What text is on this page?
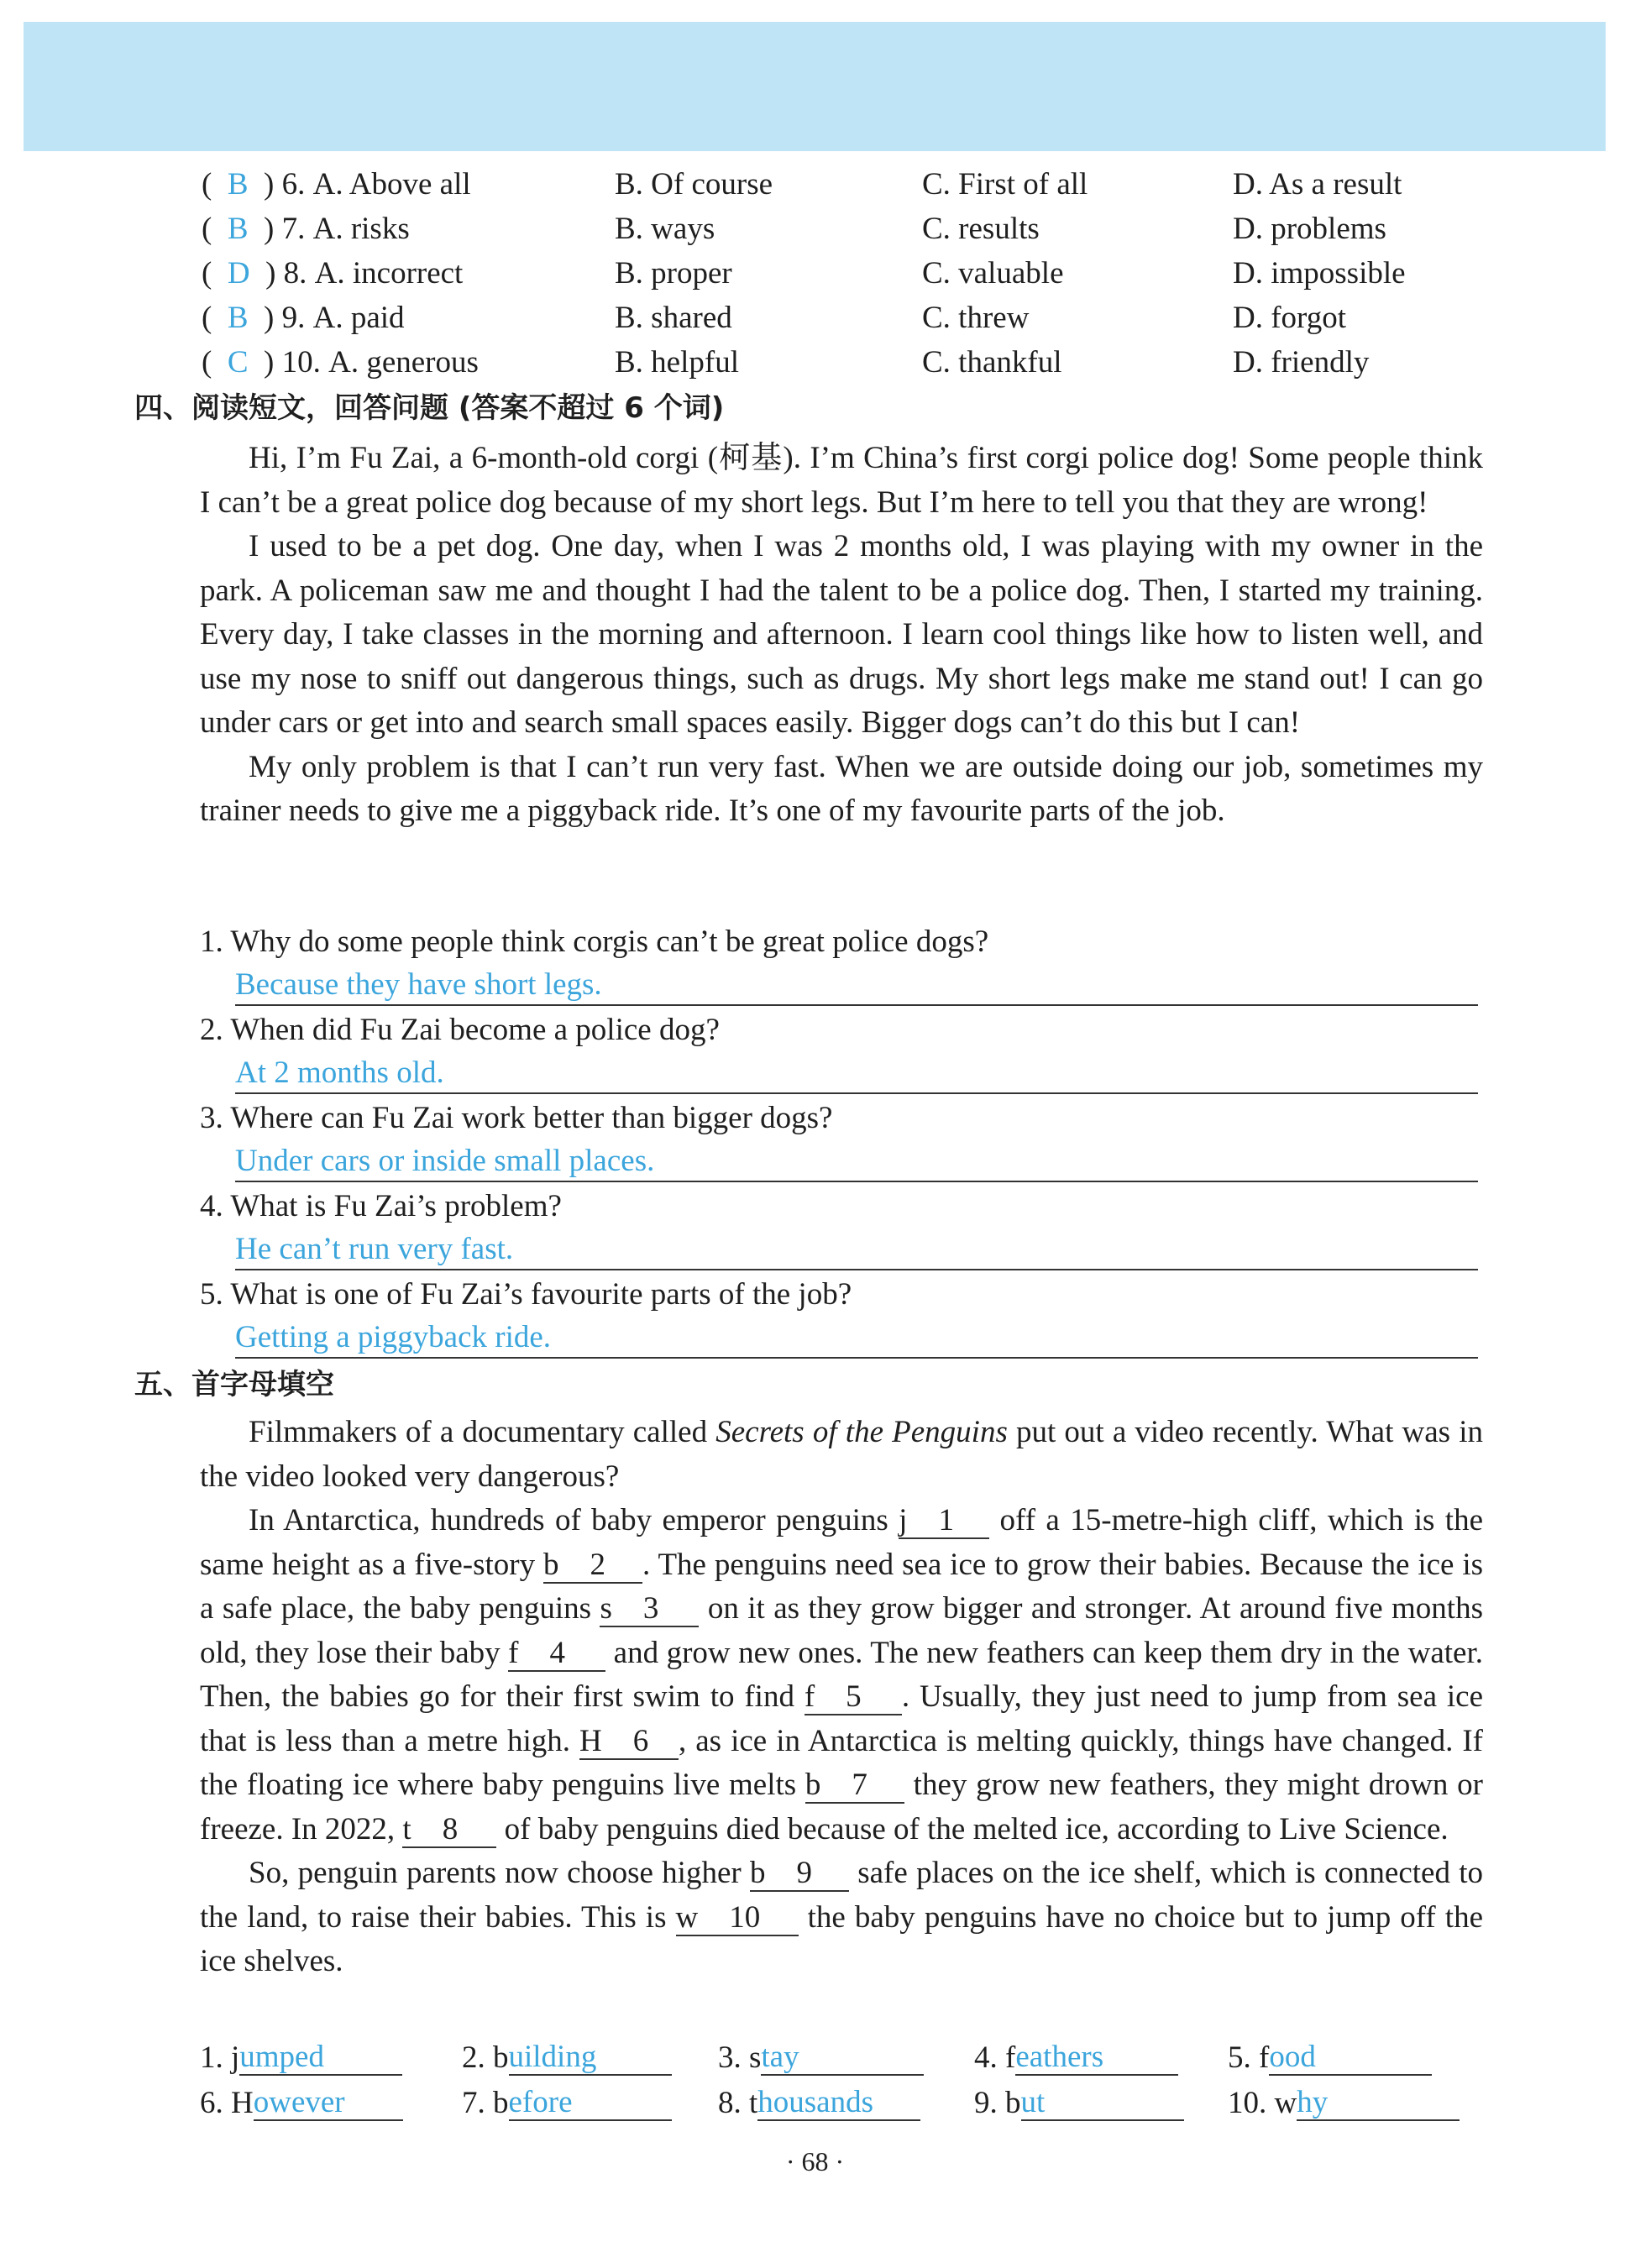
(  B  ) 6. A. Above all	B. Of course	C. First of all	D. As a result
(  B  ) 7. A. risks	B. ways	C. results	D. problems
(  D  ) 8. A. incorrect	B. proper	C. valuable	D. impossible
(  B  ) 9. A. paid	B. shared	C. threw	D. forgot
(  C  ) 10. A. generous	B. helpful	C. thankful	D. friendly
四、阅读短文，回答问题 (答案不超过 6 个词)

Hi, I’m Fu Zai, a 6-month-old corgi (柯基). I’m China’s first corgi police dog! Some people think I can’t be a great police dog because of my short legs. But I’m here to tell you that they are wrong!

I used to be a pet dog. One day, when I was 2 months old, I was playing with my owner in the park. A policeman saw me and thought I had the talent to be a police dog. Then, I started my training. Every day, I take classes in the morning and afternoon. I learn cool things like how to listen well, and use my nose to sniff out dangerous things, such as drugs. My short legs make me stand out! I can go under cars or get into and search small spaces easily. Bigger dogs can’t do this but I can!

My only problem is that I can’t run very fast. When we are outside doing our job, sometimes my trainer needs to give me a piggyback ride. It’s one of my favourite parts of the job.

1. Why do some people think corgis can’t be great police dogs?
Because they have short legs.
2. When did Fu Zai become a police dog?
At 2 months old.
3. Where can Fu Zai work better than bigger dogs?
Under cars or inside small places.
4. What is Fu Zai’s problem?
He can’t run very fast.
5. What is one of Fu Zai’s favourite parts of the job?
Getting a piggyback ride.
五、首字母填空

Filmmakers of a documentary called Secrets of the Penguins put out a video recently. What was in the video looked very dangerous?

In Antarctica, hundreds of baby emperor penguins j 1 off a 15-metre-high cliff, which is the same height as a five-story b 2 . The penguins need sea ice to grow their babies. Because the ice is a safe place, the baby penguins s 3 on it as they grow bigger and stronger. At around five months old, they lose their baby f 4 and grow new ones. The new feathers can keep them dry in the water. Then, the babies go for their first swim to find f 5 . Usually, they just need to jump from sea ice that is less than a metre high. H 6 , as ice in Antarctica is melting quickly, things have changed. If the floating ice where baby penguins live melts b 7 they grow new feathers, they might drown or freeze. In 2022, t 8 of baby penguins died because of the melted ice, according to Live Science.

So, penguin parents now choose higher b 9 safe places on the ice shelf, which is connected to the land, to raise their babies. This is w 10 the baby penguins have no choice but to jump off the ice shelves.

1. jumped	2. building	3. stay	4. feathers	5. food
6. However	7. before	8. thousands	9. but	10. why
· 68 ·
